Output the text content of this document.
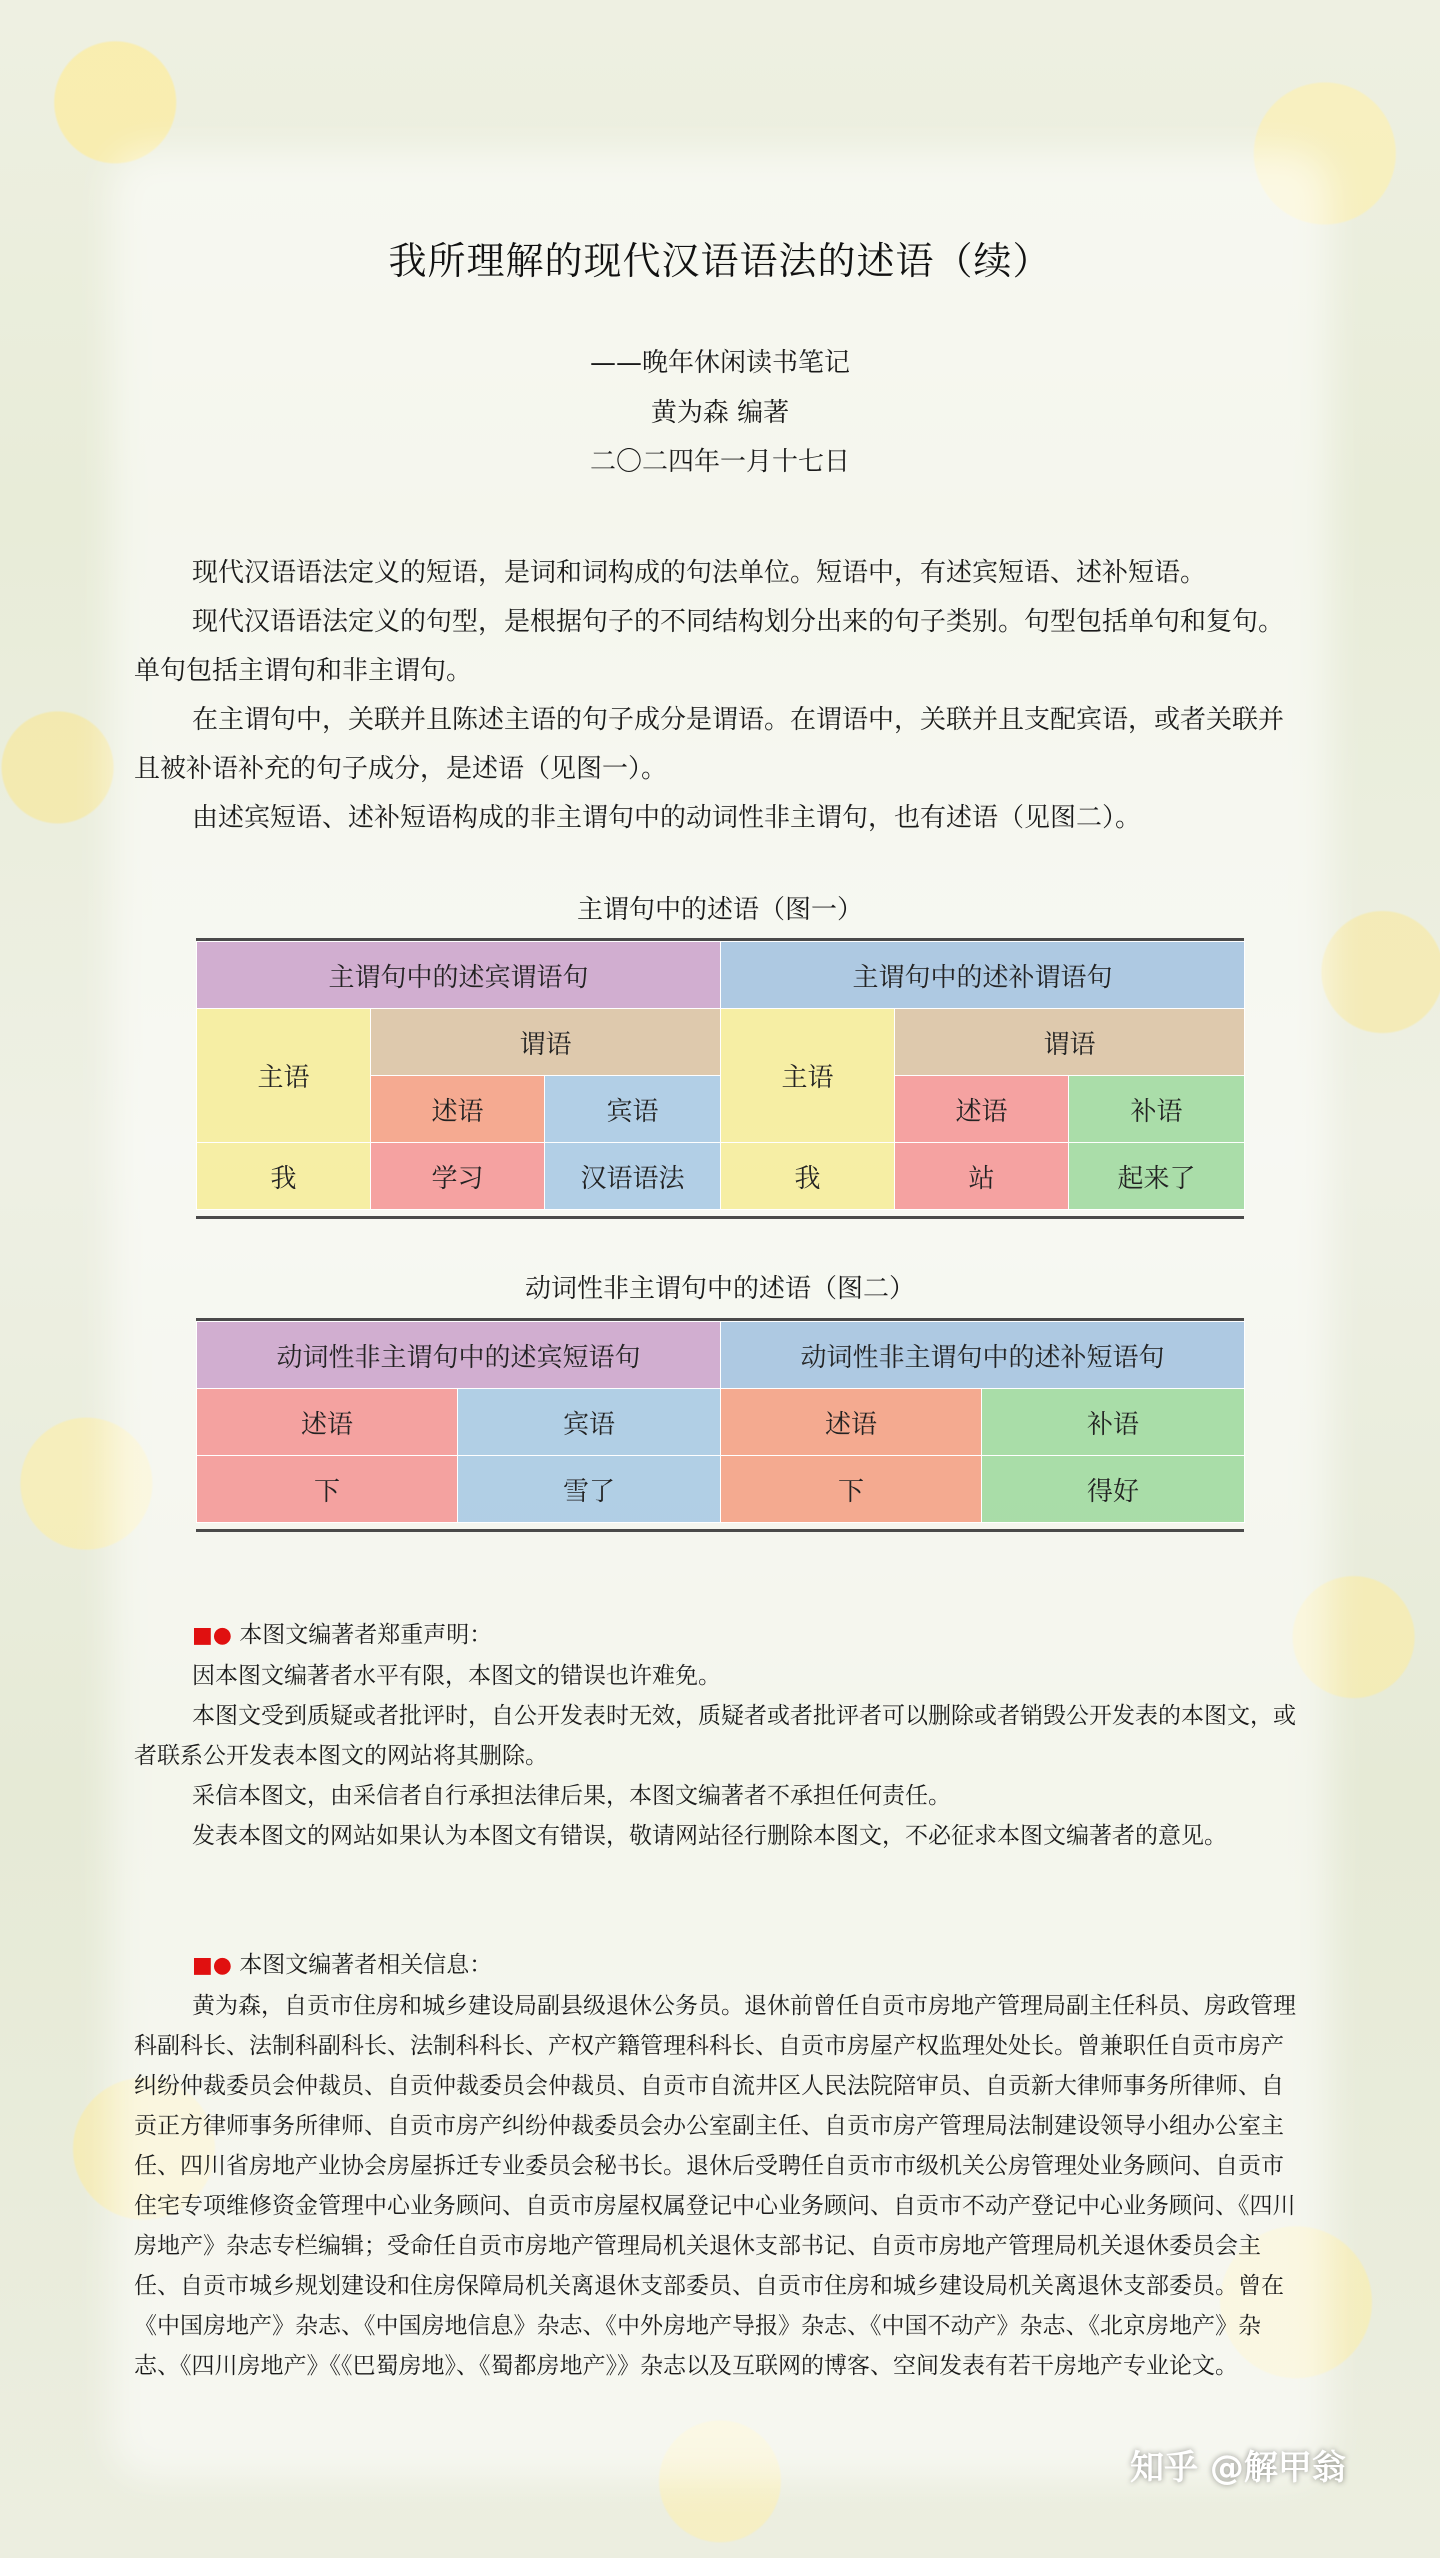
我所理解的现代汉语语法的述语（续）
——晚年休闲读书笔记
黄为森 编著
二〇二四年一月十七日

现代汉语语法定义的短语，是词和词构成的句法单位。短语中，有述宾短语、述补短语。

现代汉语语法定义的句型，是根据句子的不同结构划分出来的句子类别。句型包括单句和复句。单句包括主谓句和非主谓句。

在主谓句中，关联并且陈述主语的句子成分是谓语。在谓语中，关联并且支配宾语，或者关联并且被补语补充的句子成分，是述语（见图一）。

由述宾短语、述补短语构成的非主谓句中的动词性非主谓句，也有述语（见图二）。

主谓句中的述语（图一）
主谓句中的述宾谓语句			主谓句中的述补谓语句		
主语	谓语		主语	谓语	
	述语	宾语		述语	补语
我	学习	汉语语法	我	站	起来了
动词性非主谓句中的述语（图二）
动词性非主谓句中的述宾短语句		动词性非主谓句中的述补短语句	
述语	宾语	述语	补语
下	雪了	下	得好
■● 本图文编著者郑重声明：
因本图文编著者水平有限，本图文的错误也许难免。
本图文受到质疑或者批评时，自公开发表时无效，质疑者或者批评者可以删除或者销毁公开发表的本图文，或者联系公开发表本图文的网站将其删除。
采信本图文，由采信者自行承担法律后果，本图文编著者不承担任何责任。
发表本图文的网站如果认为本图文有错误，敬请网站径行删除本图文，不必征求本图文编著者的意见。
■● 本图文编著者相关信息：
黄为森，自贡市住房和城乡建设局副县级退休公务员。退休前曾任自贡市房地产管理局副主任科员、房政管理科副科长、法制科副科长、法制科科长、产权产籍管理科科长、自贡市房屋产权监理处处长。曾兼职任自贡市房产纠纷仲裁委员会仲裁员、自贡仲裁委员会仲裁员、自贡市自流井区人民法院陪审员、自贡新大律师事务所律师、自贡正方律师事务所律师、自贡市房产纠纷仲裁委员会办公室副主任、自贡市房产管理局法制建设领导小组办公室主任、四川省房地产业协会房屋拆迁专业委员会秘书长。退休后受聘任自贡市市级机关公房管理处业务顾问、自贡市住宅专项维修资金管理中心业务顾问、自贡市房屋权属登记中心业务顾问、自贡市不动产登记中心业务顾问、《四川房地产》杂志专栏编辑；受命任自贡市房地产管理局机关退休支部书记、自贡市房地产管理局机关退休委员会主任、自贡市城乡规划建设和住房保障局机关离退休支部委员、自贡市住房和城乡建设局机关离退休支部委员。曾在《中国房地产》杂志、《中国房地信息》杂志、《中外房地产导报》杂志、《中国不动产》杂志、《北京房地产》杂志、《四川房地产》《《巴蜀房地》、《蜀都房地产》》杂志以及互联网的博客、空间发表有若干房地产专业论文。
知乎 @解甲翁
